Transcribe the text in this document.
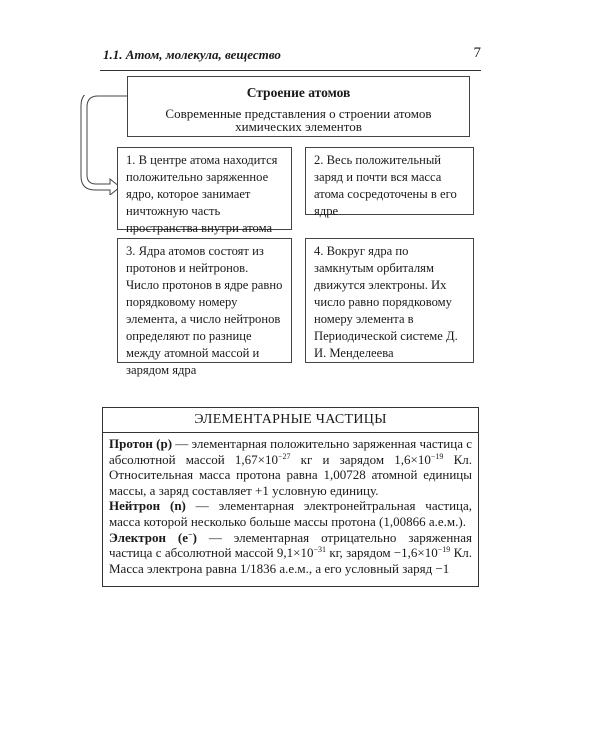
1.1. Атом, молекула, вещество	7
Строение атомов
Современные представления о строении атомов химических элементов
1. В центре атома находится положительно заряженное ядро, которое занимает ничтожную часть пространства внутри атома
2. Весь положительный заряд и почти вся масса атома сосредоточены в его ядре
3. Ядра атомов состоят из протонов и нейтронов. Число протонов в ядре равно порядковому номеру элемента, а число нейтронов определяют по разнице между атомной массой и зарядом ядра
4. Вокруг ядра по замкнутым орбиталям движутся электроны. Их число равно порядковому номеру элемента в Периодической системе Д. И. Менделеева
ЭЛЕМЕНТАРНЫЕ ЧАСТИЦЫ

Протон (p) — элементарная положительно заряженная частица с абсолютной массой $1,67\times 10^{-27}$ кг и зарядом $1,6\times 10^{-19}$ Кл. Относительная масса протона равна 1,00728 атомной единицы массы, а заряд составляет +1 условную единицу.

Нейтрон (n) — элементарная электронейтральная частица, масса которой несколько больше массы протона (1,00866 а.е.м.).

Электрон (e−) — элементарная отрицательно заряженная частица с абсолютной массой $9,1\times 10^{-31}$ кг, зарядом $-1,6\times 10^{-19}$ Кл. Масса электрона равна 1/1836 а.е.м., а его условный заряд −1
